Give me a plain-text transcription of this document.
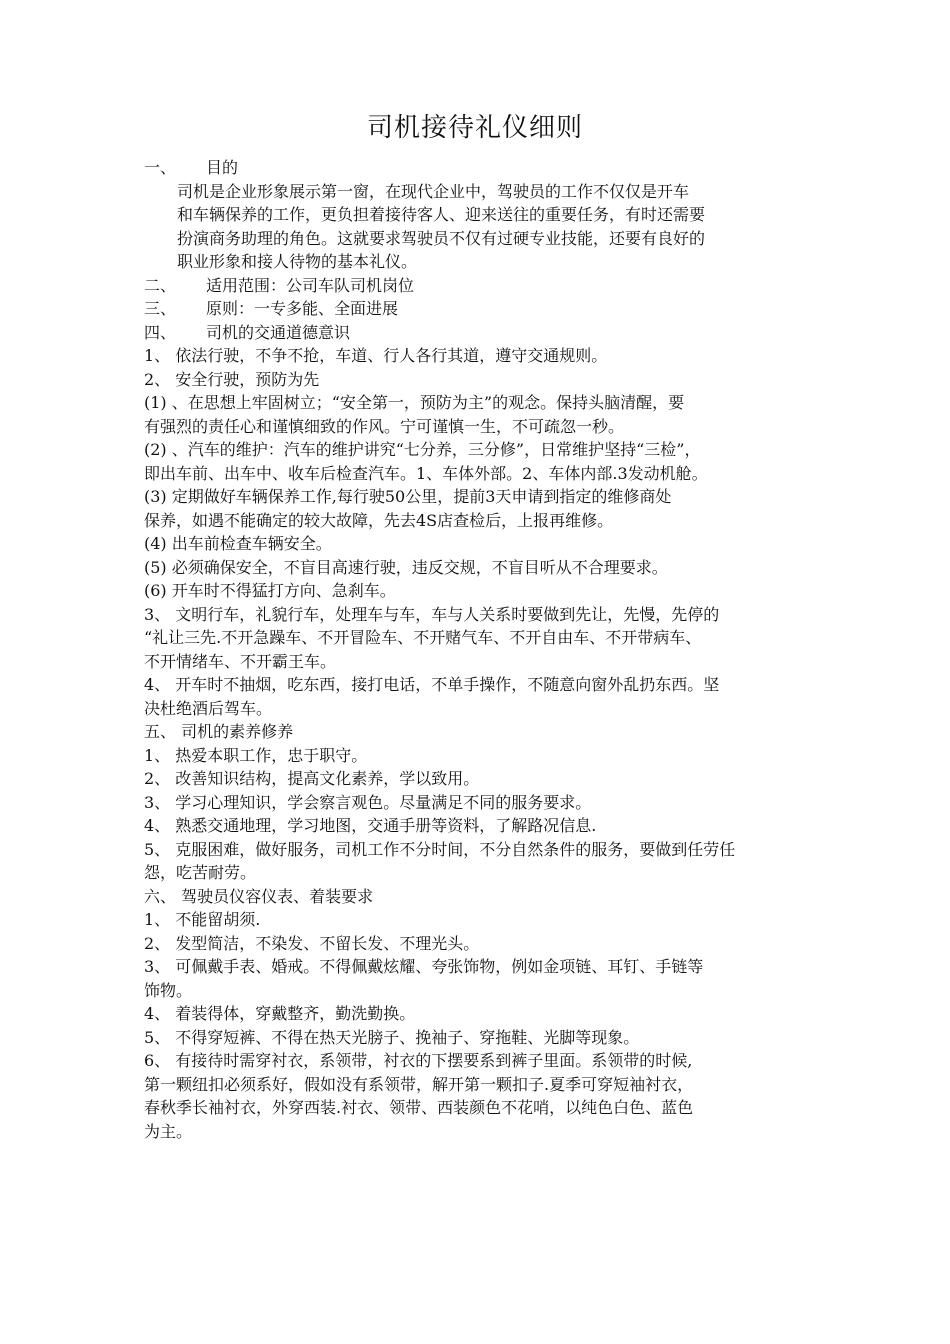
司机接待礼仪细则
一、 目的
司机是企业形象展示第一窗，在现代企业中，驾驶员的工作不仅仅是开车
和车辆保养的工作，更负担着接待客人、迎来送往的重要任务，有时还需要
扮演商务助理的角色。这就要求驾驶员不仅有过硬专业技能，还要有良好的
职业形象和接人待物的基本礼仪。
二、 适用范围：公司车队司机岗位
三、 原则：一专多能、全面进展
四、 司机的交通道德意识
1、 依法行驶，不争不抢，车道、行人各行其道，遵守交通规则。
2、 安全行驶，预防为先
(1) 、在思想上牢固树立；“安全第一，预防为主”的观念。保持头脑清醒，要
有强烈的责任心和谨慎细致的作风。宁可谨慎一生，不可疏忽一秒。
(2) 、汽车的维护：汽车的维护讲究“七分养，三分修”，日常维护坚持“三检”，
即出车前、出车中、收车后检查汽车。1、车体外部。2、车体内部.3发动机舱。
(3) 定期做好车辆保养工作,每行驶50公里，提前3天申请到指定的维修商处
保养，如遇不能确定的较大故障，先去4S店查检后，上报再维修。
(4) 出车前检查车辆安全。
(5) 必须确保安全，不盲目高速行驶，违反交规，不盲目听从不合理要求。
(6) 开车时不得猛打方向、急刹车。
3、 文明行车，礼貌行车，处理车与车，车与人关系时要做到先让，先慢，先停的
“礼让三先.不开急躁车、不开冒险车、不开赌气车、不开自由车、不开带病车、
不开情绪车、不开霸王车。
4、 开车时不抽烟，吃东西，接打电话，不单手操作，不随意向窗外乱扔东西。坚
决杜绝酒后驾车。
五、 司机的素养修养
1、 热爱本职工作，忠于职守。
2、 改善知识结构，提高文化素养，学以致用。
3、 学习心理知识，学会察言观色。尽量满足不同的服务要求。
4、 熟悉交通地理，学习地图，交通手册等资料，了解路况信息.
5、 克服困难，做好服务，司机工作不分时间，不分自然条件的服务，要做到任劳任
怨，吃苦耐劳。
六、 驾驶员仪容仪表、着装要求
1、 不能留胡须.
2、 发型简洁，不染发、不留长发、不理光头。
3、 可佩戴手表、婚戒。不得佩戴炫耀、夸张饰物，例如金项链、耳钉、手链等
饰物。
4、 着装得体，穿戴整齐，勤洗勤换。
5、 不得穿短裤、不得在热天光膀子、挽袖子、穿拖鞋、光脚等现象。
6、 有接待时需穿衬衣，系领带，衬衣的下摆要系到裤子里面。系领带的时候,
第一颗纽扣必须系好，假如没有系领带，解开第一颗扣子.夏季可穿短袖衬衣，
春秋季长袖衬衣，外穿西装.衬衣、领带、西装颜色不花哨，以纯色白色、蓝色
为主。
